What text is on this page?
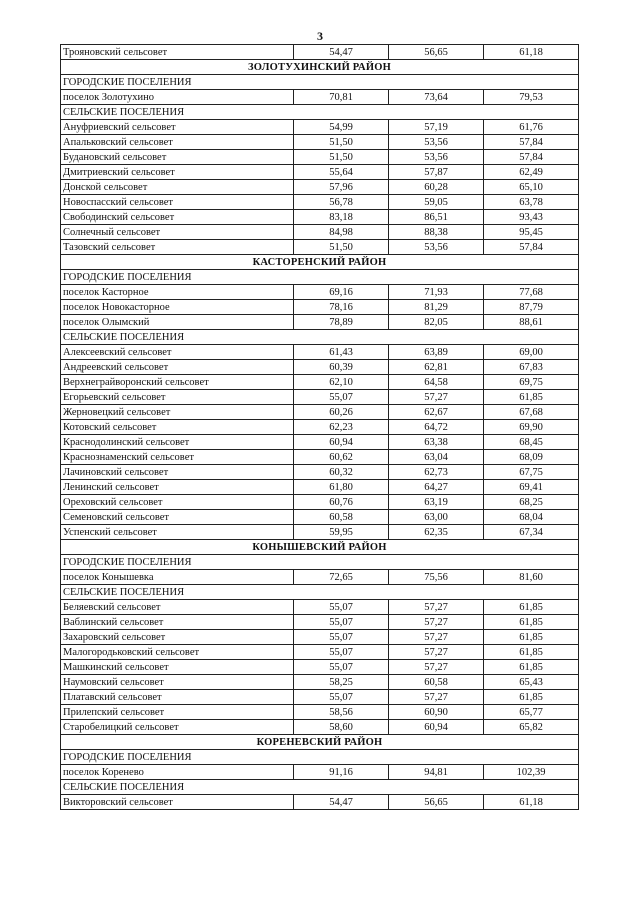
3
Трояновский сельсовет	54,47	56,65	61,18
ЗОЛОТУХИНСКИЙ РАЙОН			
ГОРОДСКИЕ ПОСЕЛЕНИЯ			
поселок Золотухино	70,81	73,64	79,53
СЕЛЬСКИЕ ПОСЕЛЕНИЯ			
Ануфриевский сельсовет	54,99	57,19	61,76
Апальковский сельсовет	51,50	53,56	57,84
Будановский сельсовет	51,50	53,56	57,84
Дмитриевский сельсовет	55,64	57,87	62,49
Донской сельсовет	57,96	60,28	65,10
Новоспасский сельсовет	56,78	59,05	63,78
Свободинский сельсовет	83,18	86,51	93,43
Солнечный сельсовет	84,98	88,38	95,45
Тазовский сельсовет	51,50	53,56	57,84
КАСТОРЕНСКИЙ РАЙОН			
ГОРОДСКИЕ ПОСЕЛЕНИЯ			
поселок Касторное	69,16	71,93	77,68
поселок Новокасторное	78,16	81,29	87,79
поселок Олымский	78,89	82,05	88,61
СЕЛЬСКИЕ ПОСЕЛЕНИЯ			
Алексеевский сельсовет	61,43	63,89	69,00
Андреевский сельсовет	60,39	62,81	67,83
Верхнеграйворонский сельсовет	62,10	64,58	69,75
Егорьевский сельсовет	55,07	57,27	61,85
Жерновецкий сельсовет	60,26	62,67	67,68
Котовский сельсовет	62,23	64,72	69,90
Краснодолинский сельсовет	60,94	63,38	68,45
Краснознаменский сельсовет	60,62	63,04	68,09
Лачиновский сельсовет	60,32	62,73	67,75
Ленинский сельсовет	61,80	64,27	69,41
Ореховский сельсовет	60,76	63,19	68,25
Семеновский сельсовет	60,58	63,00	68,04
Успенский сельсовет	59,95	62,35	67,34
КОНЫШЕВСКИЙ РАЙОН			
ГОРОДСКИЕ ПОСЕЛЕНИЯ			
поселок Конышевка	72,65	75,56	81,60
СЕЛЬСКИЕ ПОСЕЛЕНИЯ			
Беляевский сельсовет	55,07	57,27	61,85
Ваблинский сельсовет	55,07	57,27	61,85
Захаровский сельсовет	55,07	57,27	61,85
Малогородьковский сельсовет	55,07	57,27	61,85
Машкинский сельсовет	55,07	57,27	61,85
Наумовский сельсовет	58,25	60,58	65,43
Платавский сельсовет	55,07	57,27	61,85
Прилепский сельсовет	58,56	60,90	65,77
Старобелицкий сельсовет	58,60	60,94	65,82
КОРЕНЕВСКИЙ РАЙОН			
ГОРОДСКИЕ ПОСЕЛЕНИЯ			
поселок Коренево	91,16	94,81	102,39
СЕЛЬСКИЕ ПОСЕЛЕНИЯ			
Викторовский сельсовет	54,47	56,65	61,18
